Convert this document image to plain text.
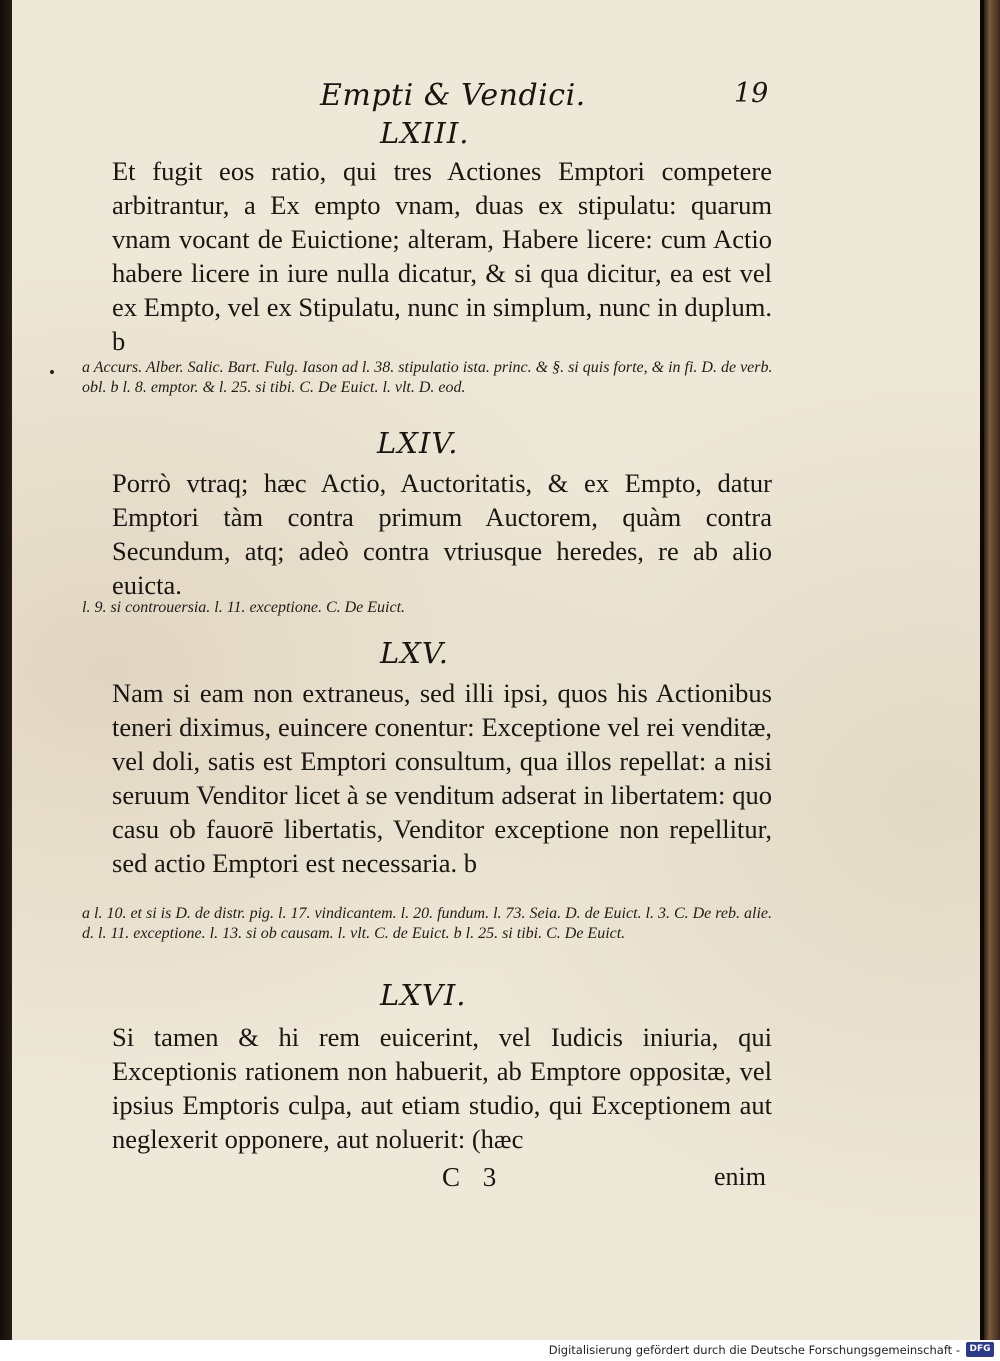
Empti & Vendici.	19
LXIII.
Et fugit eos ratio, qui tres Actiones Emptori competere arbitrantur, a Ex empto vnam, duas ex stipulatu: quarum vnam vocant de Euictione; alteram, Habere licere: cum Actio habere licere in iure nulla dicatur, & si qua dicitur, ea est vel ex Empto, vel ex Stipulatu, nunc in simplum, nunc in duplum. b
a Accurs. Alber. Salic. Bart. Fulg. Iason ad l. 38. stipulatio ista. princ. & §. si quis forte, & in fi. D. de verb. obl. b l. 8. emptor. & l. 25. si tibi. C. De Euict. l. vlt. D. eod.
LXIV.
Porrò vtraq; hæc Actio, Auctoritatis, & ex Empto, datur Emptori tàm contra primum Auctorem, quàm contra Secundum, atq; adeò contra vtriusque heredes, re ab alio euicta.
l. 9. si controuersia. l. 11. exceptione. C. De Euict.
LXV.
Nam si eam non extraneus, sed illi ipsi, quos his Actionibus teneri diximus, euincere conentur: Exceptione vel rei venditæ, vel doli, satis est Emptori consultum, qua illos repellat: a nisi seruum Venditor licet à se venditum adserat in libertatem: quo casu ob fauorē libertatis, Venditor exceptione non repellitur, sed actio Emptori est necessaria. b
a l. 10. et si is D. de distr. pig. l. 17. vindicantem. l. 20. fundum. l. 73. Seia. D. de Euict. l. 3. C. De reb. alie. d. l. 11. exceptione. l. 13. si ob causam. l. vlt. C. de Euict. b l. 25. si tibi. C. De Euict.
LXVI.
Si tamen & hi rem euicerint, vel Iudicis iniuria, qui Exceptionis rationem non habuerit, ab Emptore oppositæ, vel ipsius Emptoris culpa, aut etiam studio, qui Exceptionem aut neglexerit opponere, aut noluerit: (hæc
C 3	enim
Digitalisierung gefördert durch die Deutsche Forschungsgemeinschaft -	DFG
